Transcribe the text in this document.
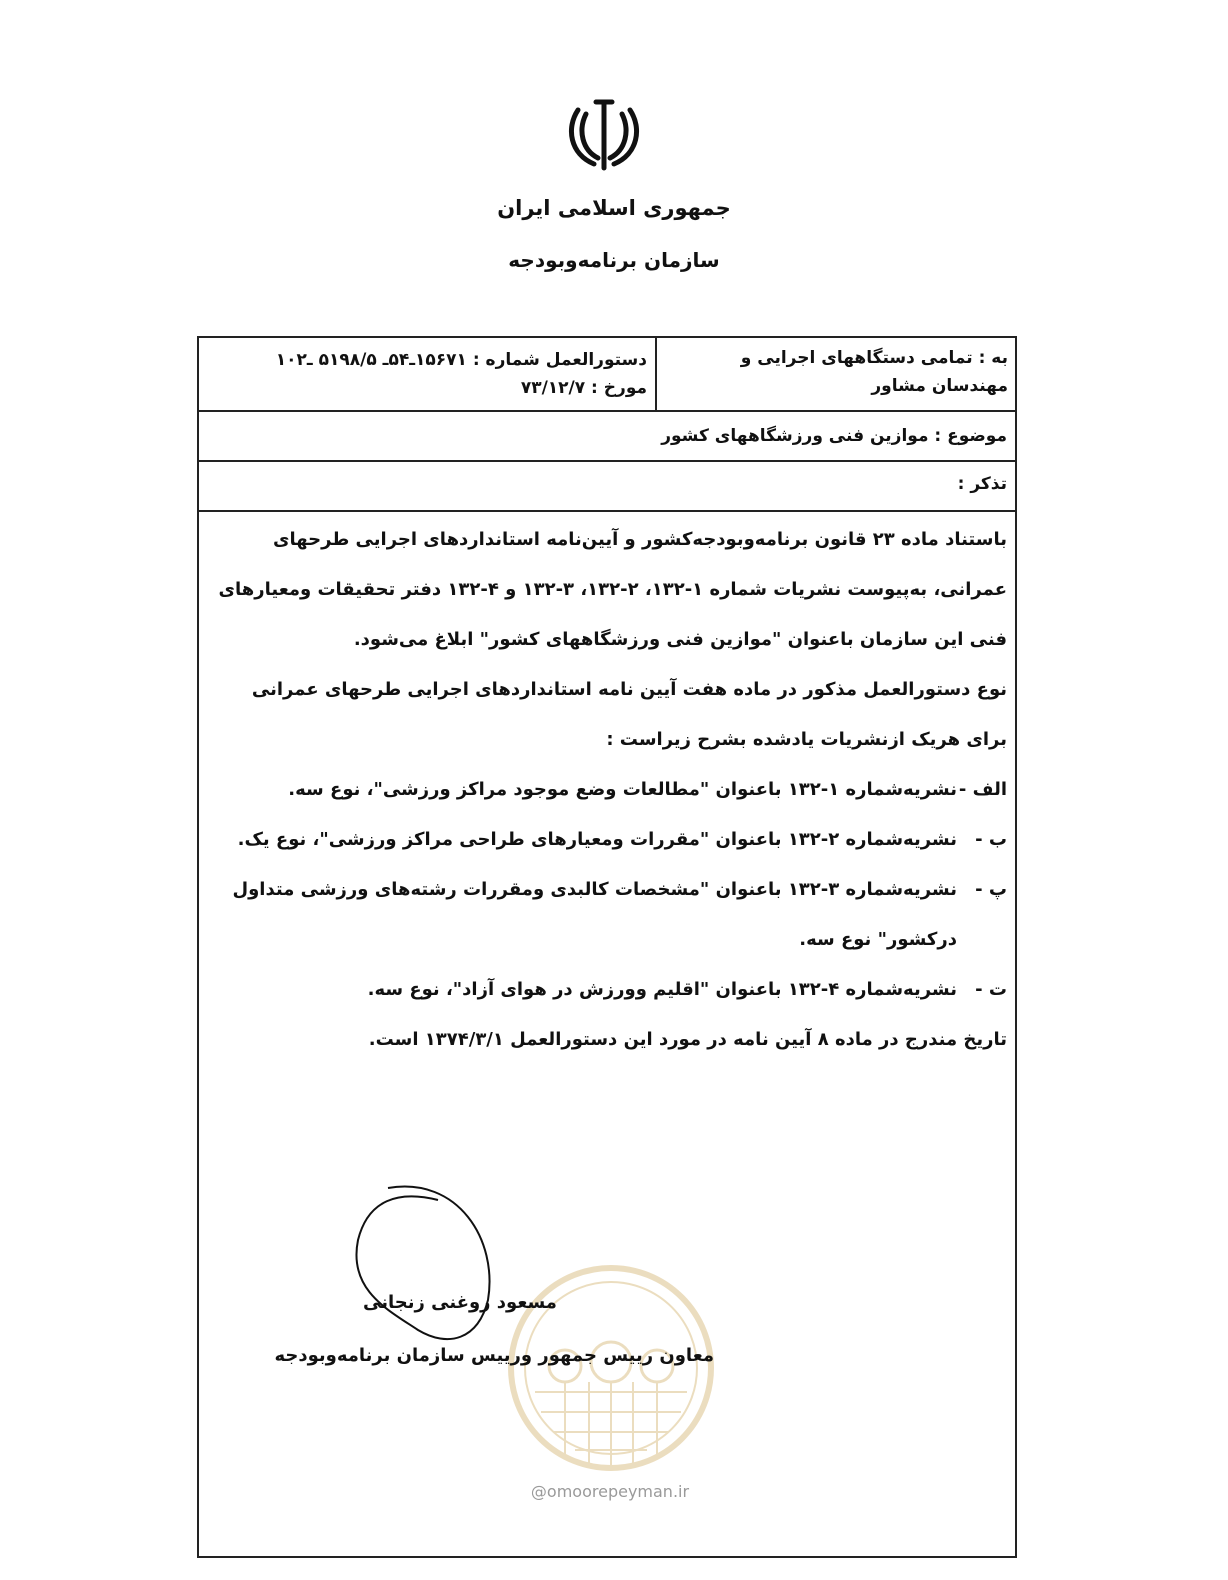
جمهوری اسلامی ایران
سازمان برنامه‌وبودجه
به : تمامی دستگاههای اجرایی و مهندسان مشاور
دستورالعمل شماره : ۱۵۶۷۱ـ۵۴ـ ۵۱۹۸/۵ ـ۱۰۲
مورخ : ۷۳/۱۲/۷
موضوع : موازین فنی ورزشگاههای کشور
تذکر :

باستناد ماده ۲۳ قانون برنامه‌وبودجه‌کشور و آیین‌نامه استانداردهای اجرایی طرحهای عمرانی، به‌پیوست نشریات شماره ۱-۱۳۲، ۲-۱۳۲، ۳-۱۳۲ و ۴-۱۳۲ دفتر تحقیقات ومعیارهای فنی این سازمان باعنوان "موازین فنی ورزشگاههای کشور" ابلاغ می‌شود.

نوع دستورالعمل مذکور در ماده هفت آیین نامه استانداردهای اجرایی طرحهای عمرانی برای هریک ازنشریات یادشده بشرح زیراست :

الف -
نشریه‌شماره ۱-۱۳۲ باعنوان "مطالعات وضع موجود مراکز ورزشی"، نوع سه.
ب -
نشریه‌شماره ۲-۱۳۲ باعنوان "مقررات ومعیارهای طراحی مراکز ورزشی"، نوع یک.
پ -
نشریه‌شماره ۳-۱۳۲ باعنوان "مشخصات کالبدی ومقررات رشته‌های ورزشی متداول درکشور" نوع سه.
ت -
نشریه‌شماره ۴-۱۳۲ باعنوان "اقلیم وورزش در هوای آزاد"، نوع سه.

تاریخ مندرج در ماده ۸ آیین نامه در مورد این دستورالعمل ۱۳۷۴/۳/۱ است.

مسعود روغنی زنجانی
معاون رییس جمهور ورییس سازمان برنامه‌وبودجه
@omoorepeyman.ir
